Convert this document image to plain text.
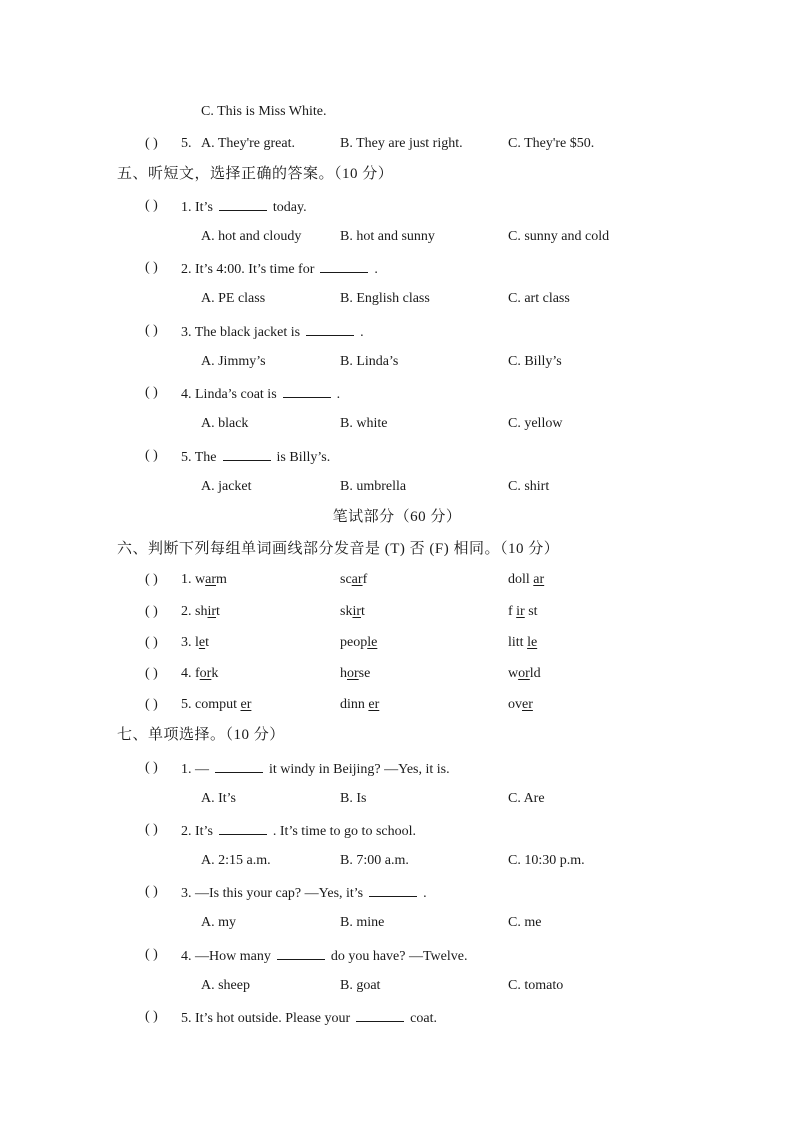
C. This is Miss White.
( ) 5. A. They're great.	B. They are just right.	C. They're $50.
五、听短文，选择正确的答案。（10 分）
( ) 1. It’s	today.
A. hot and cloudy	B. hot and sunny	C. sunny and cold
( ) 2. It’s 4:00. It’s time for	.
A. PE class	B. English class	C. art class
( ) 3. The black jacket is	.
A. Jimmy’s	B. Linda’s	C. Billy’s
( ) 4. Linda’s coat is	.
A. black	B. white	C. yellow
( ) 5. The	is Billy’s.
A. jacket	B. umbrella	C. shirt
笔试部分（60 分）
六、判断下列每组单词画线部分发音是 (T) 否 (F) 相同。（10 分）
( ) 1. warm	scarf	doll ar
( ) 2. shirt	skirt	f ir st
( ) 3. let	people	litt le
( ) 4. fork	horse	world
( ) 5. comput er	dinn er	over
七、单项选择。（10 分）
( ) 1. —	it windy in Beijing? —Yes, it is.
A. It’s	B. Is	C. Are
( ) 2. It’s	. It’s time to go to school.
A. 2:15 a.m.	B. 7:00 a.m.	C. 10:30 p.m.
( ) 3. —Is this your cap? —Yes, it’s	.
A. my	B. mine	C. me
( ) 4. —How many	do you have? —Twelve.
A. sheep	B. goat	C. tomato
( ) 5. It’s hot outside. Please your	coat.
